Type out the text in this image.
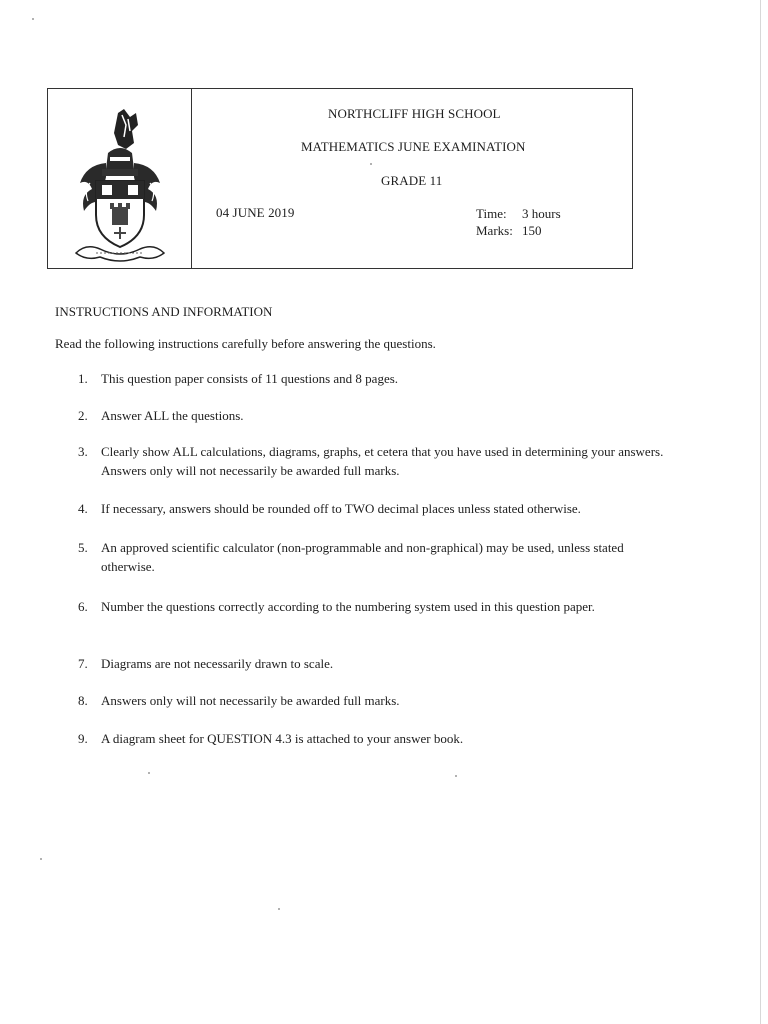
NORTHCLIFF HIGH SCHOOL
MATHEMATICS JUNE EXAMINATION
GRADE 11
04 JUNE 2019	Time: 3 hours
Marks: 150
INSTRUCTIONS AND INFORMATION
Read the following instructions carefully before answering the questions.
1. This question paper consists of 11 questions and 8 pages.
2. Answer ALL the questions.
3. Clearly show ALL calculations, diagrams, graphs, et cetera that you have used in determining your answers. Answers only will not necessarily be awarded full marks.
4. If necessary, answers should be rounded off to TWO decimal places unless stated otherwise.
5. An approved scientific calculator (non-programmable and non-graphical) may be used, unless stated otherwise.
6. Number the questions correctly according to the numbering system used in this question paper.
7. Diagrams are not necessarily drawn to scale.
8. Answers only will not necessarily be awarded full marks.
9. A diagram sheet for QUESTION 4.3 is attached to your answer book.
